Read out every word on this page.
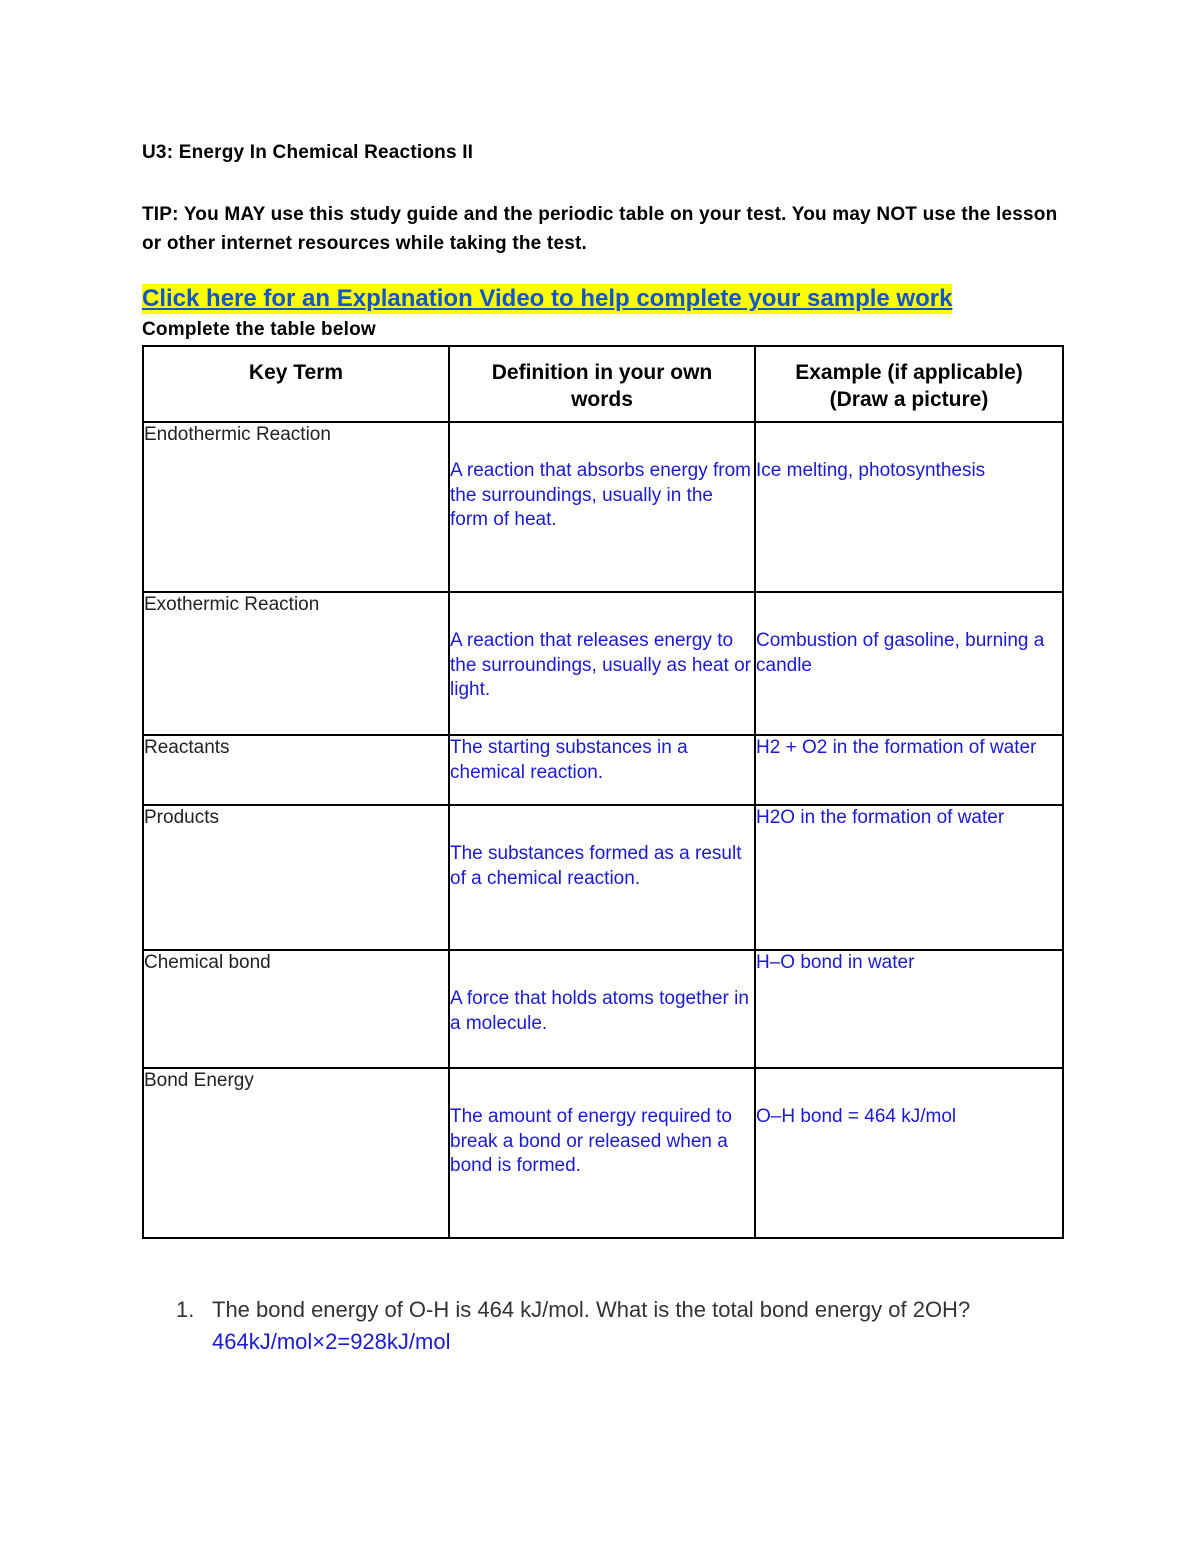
U3: Energy In Chemical Reactions II
TIP: You MAY use this study guide and the periodic table on your test. You may NOT use the lesson or other internet resources while taking the test.
Click here for an Explanation Video to help complete your sample work
Complete the table below
Key Term	Definition in your own words	Example (if applicable) (Draw a picture)
Endothermic Reaction	A reaction that absorbs energy from the surroundings, usually in the form of heat.	Ice melting, photosynthesis
Exothermic Reaction	A reaction that releases energy to the surroundings, usually as heat or light.	Combustion of gasoline, burning a candle
Reactants	The starting substances in a chemical reaction.	H2 + O2 in the formation of water
Products	The substances formed as a result of a chemical reaction.	H2O in the formation of water
Chemical bond	A force that holds atoms together in a molecule.	H–O bond in water
Bond Energy	The amount of energy required to break a bond or released when a bond is formed.	O–H bond = 464 kJ/mol
1. The bond energy of O-H is 464 kJ/mol. What is the total bond energy of 2OH?
464kJ/mol×2=928kJ/mol
